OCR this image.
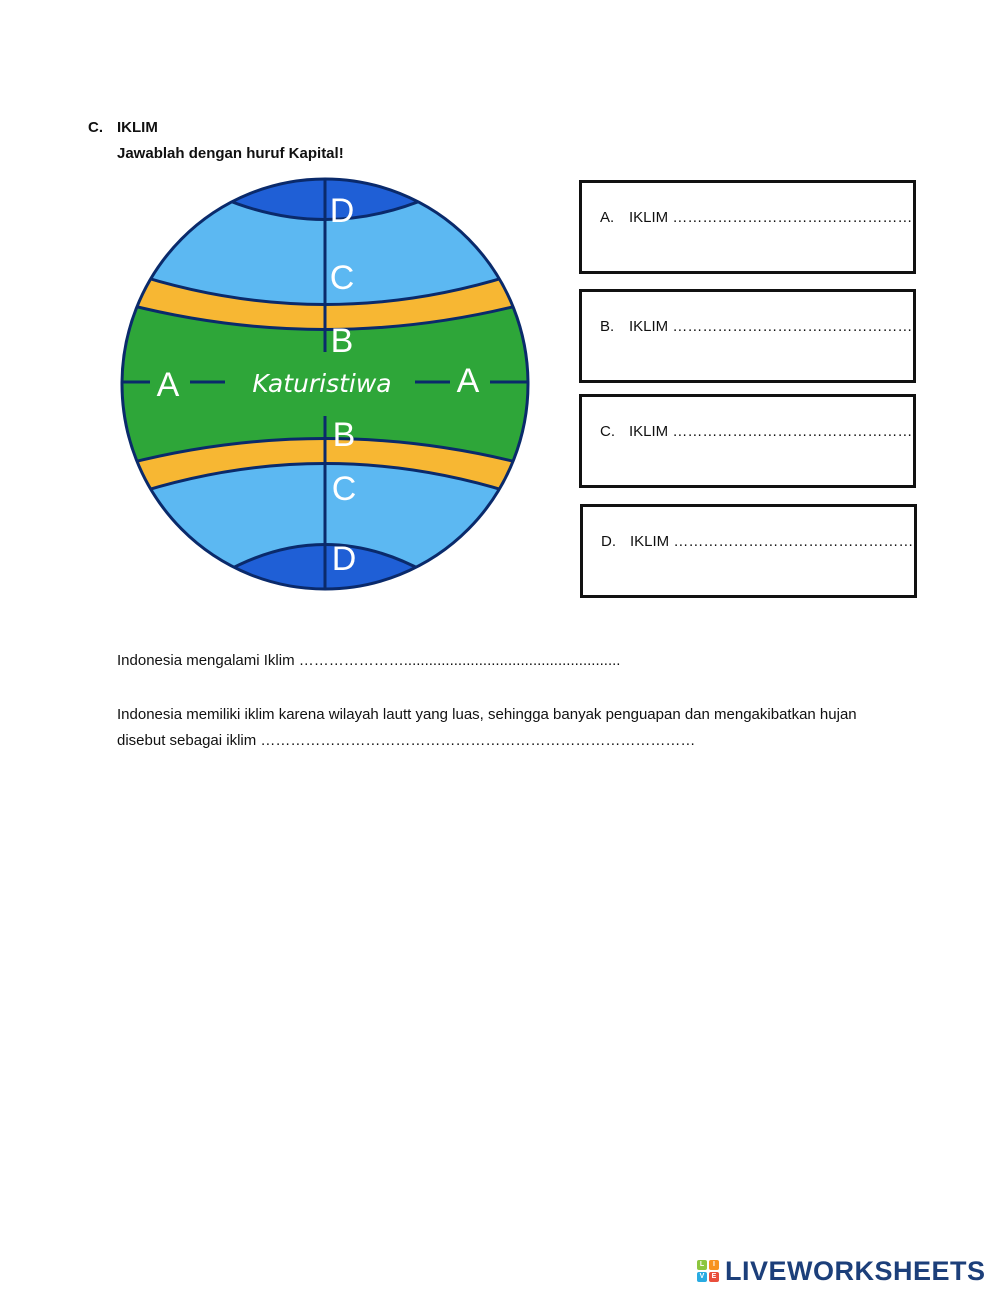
C. IKLIM
Jawablah dengan huruf Kapital!
D
C
B
A	A
B
C
D
Katuristiwa
A. IKLIM …………………………………………
B. IKLIM …………………………………………
C. IKLIM …………………………………………
D. IKLIM …………………………………………
Indonesia mengalami Iklim …………………....................................................
Indonesia memiliki iklim karena wilayah lautt yang luas, sehingga banyak penguapan dan mengakibatkan hujan disebut sebagai iklim ……………………………………………………………………………
L	I
V	E LIVEWORKSHEETS
